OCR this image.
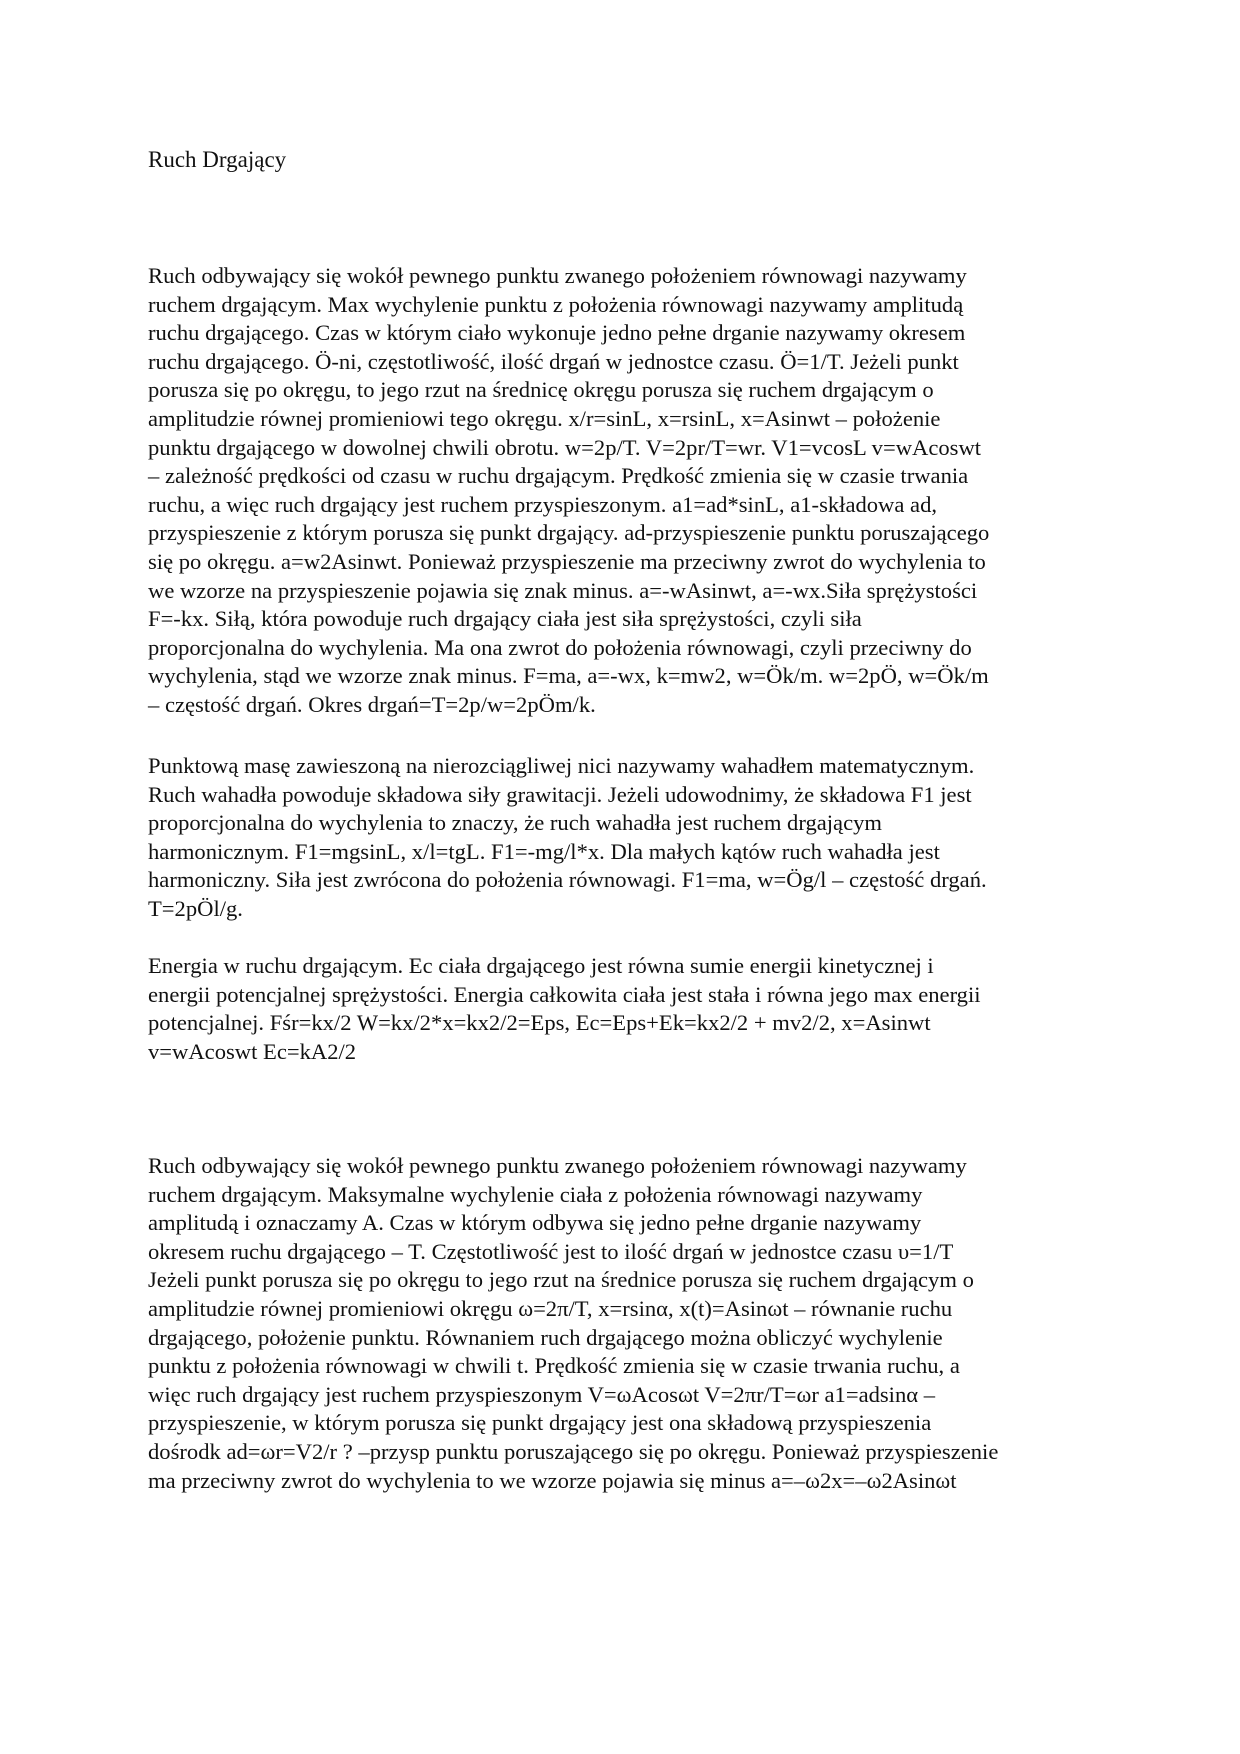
Ruch Drgający
Ruch odbywający się wokół pewnego punktu zwanego położeniem równowagi nazywamy
ruchem drgającym. Max wychylenie punktu z położenia równowagi nazywamy amplitudą
ruchu drgającego. Czas w którym ciało wykonuje jedno pełne drganie nazywamy okresem
ruchu drgającego. Ö-ni, częstotliwość, ilość drgań w jednostce czasu. Ö=1/T. Jeżeli punkt
porusza się po okręgu, to jego rzut na średnicę okręgu porusza się ruchem drgającym o
amplitudzie równej promieniowi tego okręgu. x/r=sinL, x=rsinL, x=Asinwt – położenie
punktu drgającego w dowolnej chwili obrotu. w=2p/T. V=2pr/T=wr. V1=vcosL v=wAcoswt
– zależność prędkości od czasu w ruchu drgającym. Prędkość zmienia się w czasie trwania
ruchu, a więc ruch drgający jest ruchem przyspieszonym. a1=ad*sinL, a1-składowa ad,
przyspieszenie z którym porusza się punkt drgający. ad-przyspieszenie punktu poruszającego
się po okręgu. a=w2Asinwt. Ponieważ przyspieszenie ma przeciwny zwrot do wychylenia to
we wzorze na przyspieszenie pojawia się znak minus. a=-wAsinwt, a=-wx.Siła sprężystości
F=-kx. Siłą, która powoduje ruch drgający ciała jest siła sprężystości, czyli siła
proporcjonalna do wychylenia. Ma ona zwrot do położenia równowagi, czyli przeciwny do
wychylenia, stąd we wzorze znak minus. F=ma, a=-wx, k=mw2, w=Ök/m. w=2pÖ, w=Ök/m
– częstość drgań. Okres drgań=T=2p/w=2pÖm/k.
Punktową masę zawieszoną na nierozciągliwej nici nazywamy wahadłem matematycznym.
Ruch wahadła powoduje składowa siły grawitacji. Jeżeli udowodnimy, że składowa F1 jest
proporcjonalna do wychylenia to znaczy, że ruch wahadła jest ruchem drgającym
harmonicznym. F1=mgsinL, x/l=tgL. F1=-mg/l*x. Dla małych kątów ruch wahadła jest
harmoniczny. Siła jest zwrócona do położenia równowagi. F1=ma, w=Ög/l – częstość drgań.
T=2pÖl/g.
Energia w ruchu drgającym. Ec ciała drgającego jest równa sumie energii kinetycznej i
energii potencjalnej sprężystości. Energia całkowita ciała jest stała i równa jego max energii
potencjalnej. Fśr=kx/2 W=kx/2*x=kx2/2=Eps, Ec=Eps+Ek=kx2/2 + mv2/2, x=Asinwt
v=wAcoswt Ec=kA2/2
Ruch odbywający się wokół pewnego punktu zwanego położeniem równowagi nazywamy
ruchem drgającym. Maksymalne wychylenie ciała z położenia równowagi nazywamy
amplitudą i oznaczamy A. Czas w którym odbywa się jedno pełne drganie nazywamy
okresem ruchu drgającego – T. Częstotliwość jest to ilość drgań w jednostce czasu υ=1/T
Jeżeli punkt porusza się po okręgu to jego rzut na średnice porusza się ruchem drgającym o
amplitudzie równej promieniowi okręgu ω=2π/T, x=rsinα, x(t)=Asinωt – równanie ruchu
drgającego, położenie punktu. Równaniem ruch drgającego można obliczyć wychylenie
punktu z położenia równowagi w chwili t. Prędkość zmienia się w czasie trwania ruchu, a
więc ruch drgający jest ruchem przyspieszonym V=ωAcosωt V=2πr/T=ωr a1=adsinα –
przyspieszenie, w którym porusza się punkt drgający jest ona składową przyspieszenia
dośrodk ad=ωr=V2/r ? –przysp punktu poruszającego się po okręgu. Ponieważ przyspieszenie
ma przeciwny zwrot do wychylenia to we wzorze pojawia się minus a=–ω2x=–ω2Asinωt
